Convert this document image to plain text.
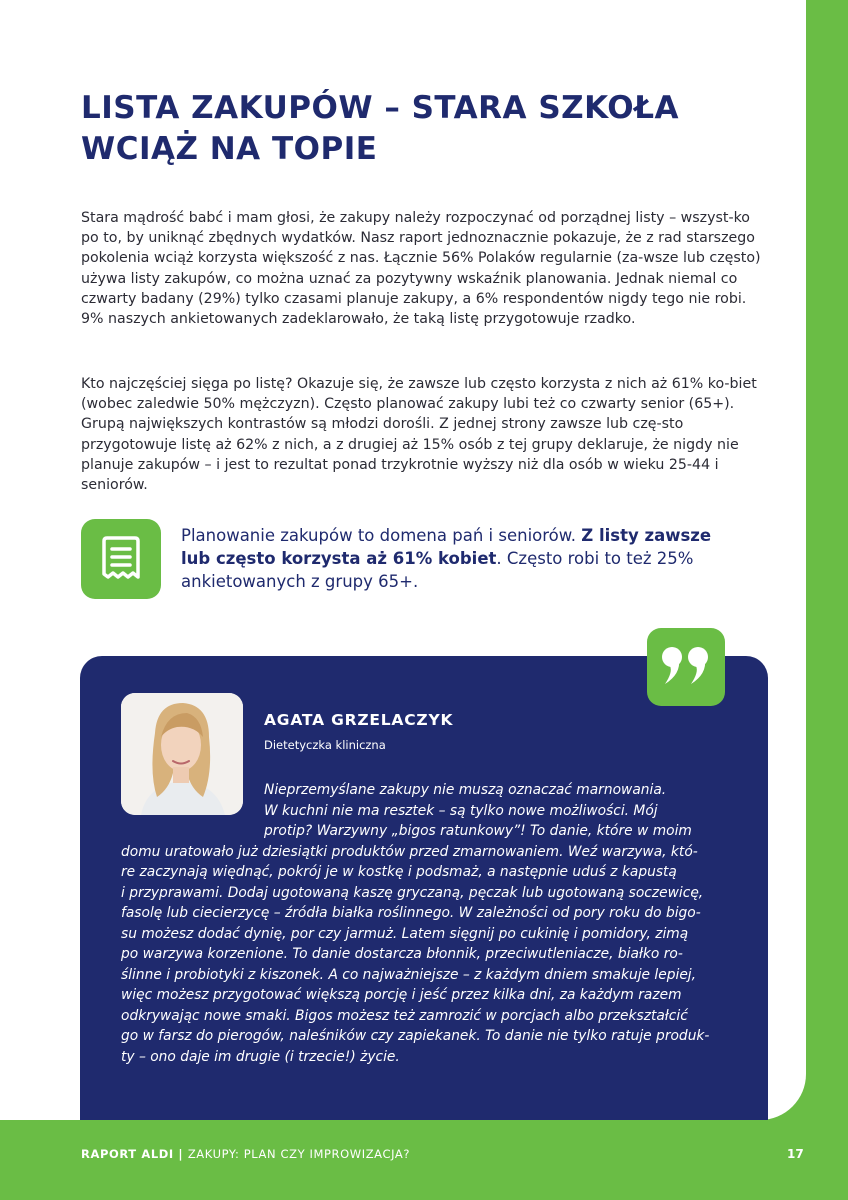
LISTA ZAKUPÓW – STARA SZKOŁA WCIĄŻ NA TOPIE

Stara mądrość babć i mam głosi, że zakupy należy rozpoczynać od porządnej listy – wszyst-ko po to, by uniknąć zbędnych wydatków. Nasz raport jednoznacznie pokazuje, że z rad starszego pokolenia wciąż korzysta większość z nas. Łącznie 56% Polaków regularnie (za-wsze lub często) używa listy zakupów, co można uznać za pozytywny wskaźnik planowania. Jednak niemal co czwarty badany (29%) tylko czasami planuje zakupy, a 6% respondentów nigdy tego nie robi. 9% naszych ankietowanych zadeklarowało, że taką listę przygotowuje rzadko.

Kto najczęściej sięga po listę? Okazuje się, że zawsze lub często korzysta z nich aż 61% ko-biet (wobec zaledwie 50% mężczyzn). Często planować zakupy lubi też co czwarty senior (65+). Grupą największych kontrastów są młodzi dorośli. Z jednej strony zawsze lub czę-sto przygotowuje listę aż 62% z nich, a z drugiej aż 15% osób z tej grupy deklaruje, że nigdy nie planuje zakupów – i jest to rezultat ponad trzykrotnie wyższy niż dla osób w wieku 25-44 i seniorów.

Planowanie zakupów to domena pań i seniorów. Z listy zawsze lub często korzysta aż 61% kobiet. Często robi to też 25% ankietowanych z grupy 65+.

AGATA GRZELACZYK

Dietetyczka kliniczna

Nieprzemyślane zakupy nie muszą oznaczać marnowania.

W kuchni nie ma resztek – są tylko nowe możliwości. Mój

protip? Warzywny „bigos ratunkowy”! To danie, które w moim

domu uratowało już dziesiątki produktów przed zmarnowaniem. Weź warzywa, któ-

re zaczynają więdnąć, pokrój je w kostkę i podsmaż, a następnie uduś z kapustą

i przyprawami. Dodaj ugotowaną kaszę gryczaną, pęczak lub ugotowaną soczewicę,

fasolę lub ciecierzycę – źródła białka roślinnego. W zależności od pory roku do bigo-

su możesz dodać dynię, por czy jarmuż. Latem sięgnij po cukinię i pomidory, zimą

po warzywa korzenione. To danie dostarcza błonnik, przeciwutleniacze, białko ro-

ślinne i probiotyki z kiszonek. A co najważniejsze – z każdym dniem smakuje lepiej,

więc możesz przygotować większą porcję i jeść przez kilka dni, za każdym razem

odkrywając nowe smaki. Bigos możesz też zamrozić w porcjach albo przekształcić

go w farsz do pierogów, naleśników czy zapiekanek. To danie nie tylko ratuje produk-

ty – ono daje im drugie (i trzecie!) życie.

RAPORT ALDI | ZAKUPY: PLAN CZY IMPROWIZACJA?	17
